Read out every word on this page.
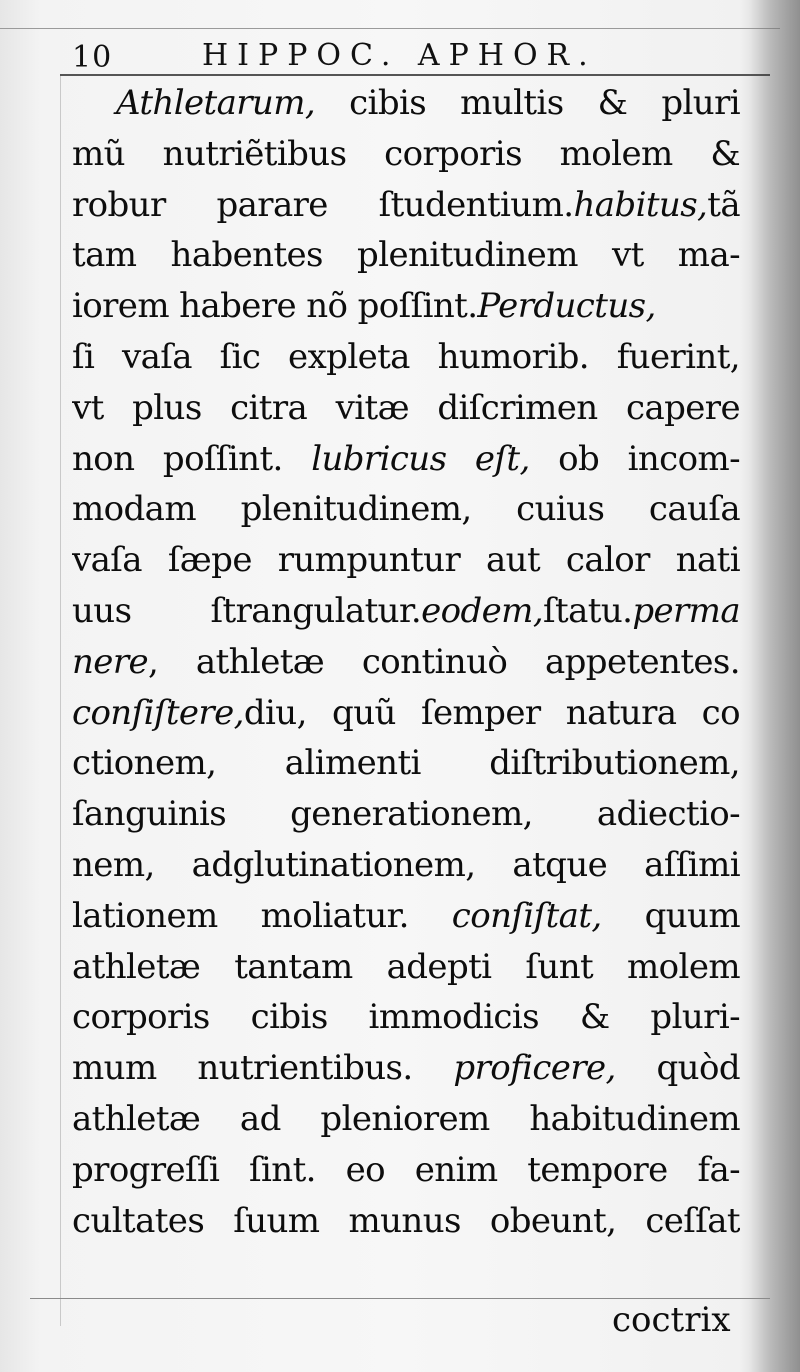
10	HIPPOC. APHOR.
Athletarum, cibis multis & pluri
mũ nutriẽtibus corporis molem &
robur parare ſtudentium.habitus,tã
tam habentes plenitudinem vt ma-
iorem habere nõ poſſint.Perductus,
ſi vaſa ſic expleta humorib. fuerint,
vt plus citra vitæ diſcrimen capere
non poſſint. lubricus eſt, ob incom-
modam plenitudinem, cuius cauſa
vaſa ſæpe rumpuntur aut calor nati
uus ſtrangulatur.eodem,ſtatu.perma
nere, athletæ continuò appetentes.
conſiſtere,diu, quũ ſemper natura co
ctionem, alimenti diſtributionem,
ſanguinis generationem, adiectio-
nem, adglutinationem, atque aſſimi
lationem moliatur. conſiſtat, quum
athletæ tantam adepti ſunt molem
corporis cibis immodicis & pluri-
mum nutrientibus. proficere, quòd
athletæ ad pleniorem habitudinem
progreſſi ſint. eo enim tempore fa-
cultates ſuum munus obeunt, ceſſat
coctrix
